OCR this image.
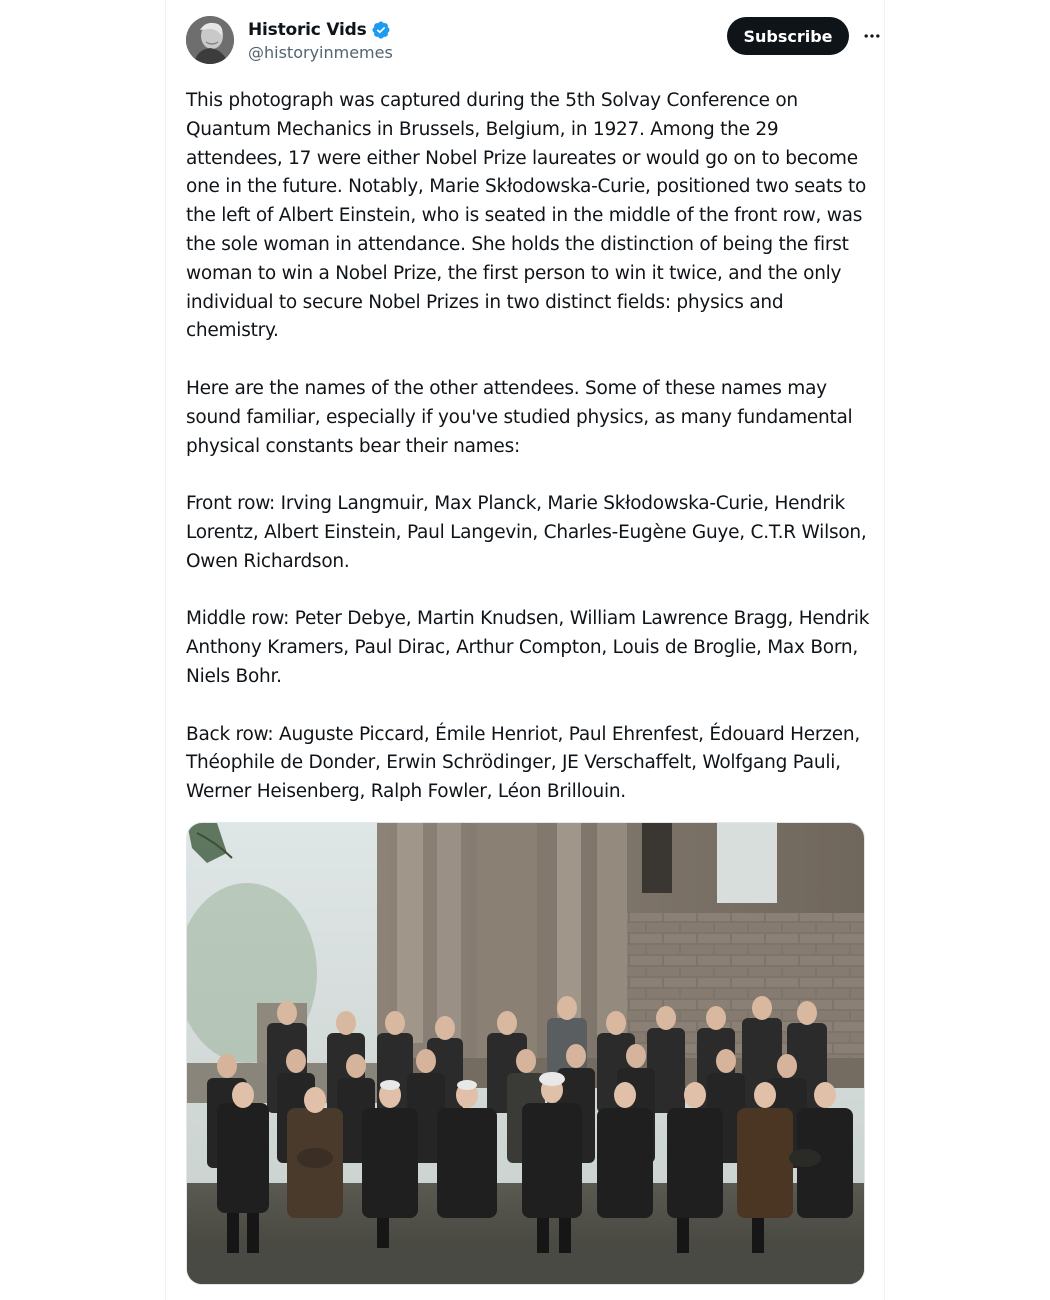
Historic Vids
@historyinmemes
Subscribe

This photograph was captured during the 5th Solvay Conference on Quantum Mechanics in Brussels, Belgium, in 1927. Among the 29 attendees, 17 were either Nobel Prize laureates or would go on to become one in the future. Notably, Marie Skłodowska-Curie, positioned two seats to the left of Albert Einstein, who is seated in the middle of the front row, was the sole woman in attendance. She holds the distinction of being the first woman to win a Nobel Prize, the first person to win it twice, and the only individual to secure Nobel Prizes in two distinct fields: physics and chemistry.

Here are the names of the other attendees. Some of these names may sound familiar, especially if you've studied physics, as many fundamental physical constants bear their names:

Front row: Irving Langmuir, Max Planck, Marie Skłodowska-Curie, Hendrik Lorentz, Albert Einstein, Paul Langevin, Charles-Eugène Guye, C.T.R Wilson, Owen Richardson.

Middle row: Peter Debye, Martin Knudsen, William Lawrence Bragg, Hendrik Anthony Kramers, Paul Dirac, Arthur Compton, Louis de Broglie, Max Born, Niels Bohr.

Back row: Auguste Piccard, Émile Henriot, Paul Ehrenfest, Édouard Herzen, Théophile de Donder, Erwin Schrödinger, JE Verschaffelt, Wolfgang Pauli, Werner Heisenberg, Ralph Fowler, Léon Brillouin.
